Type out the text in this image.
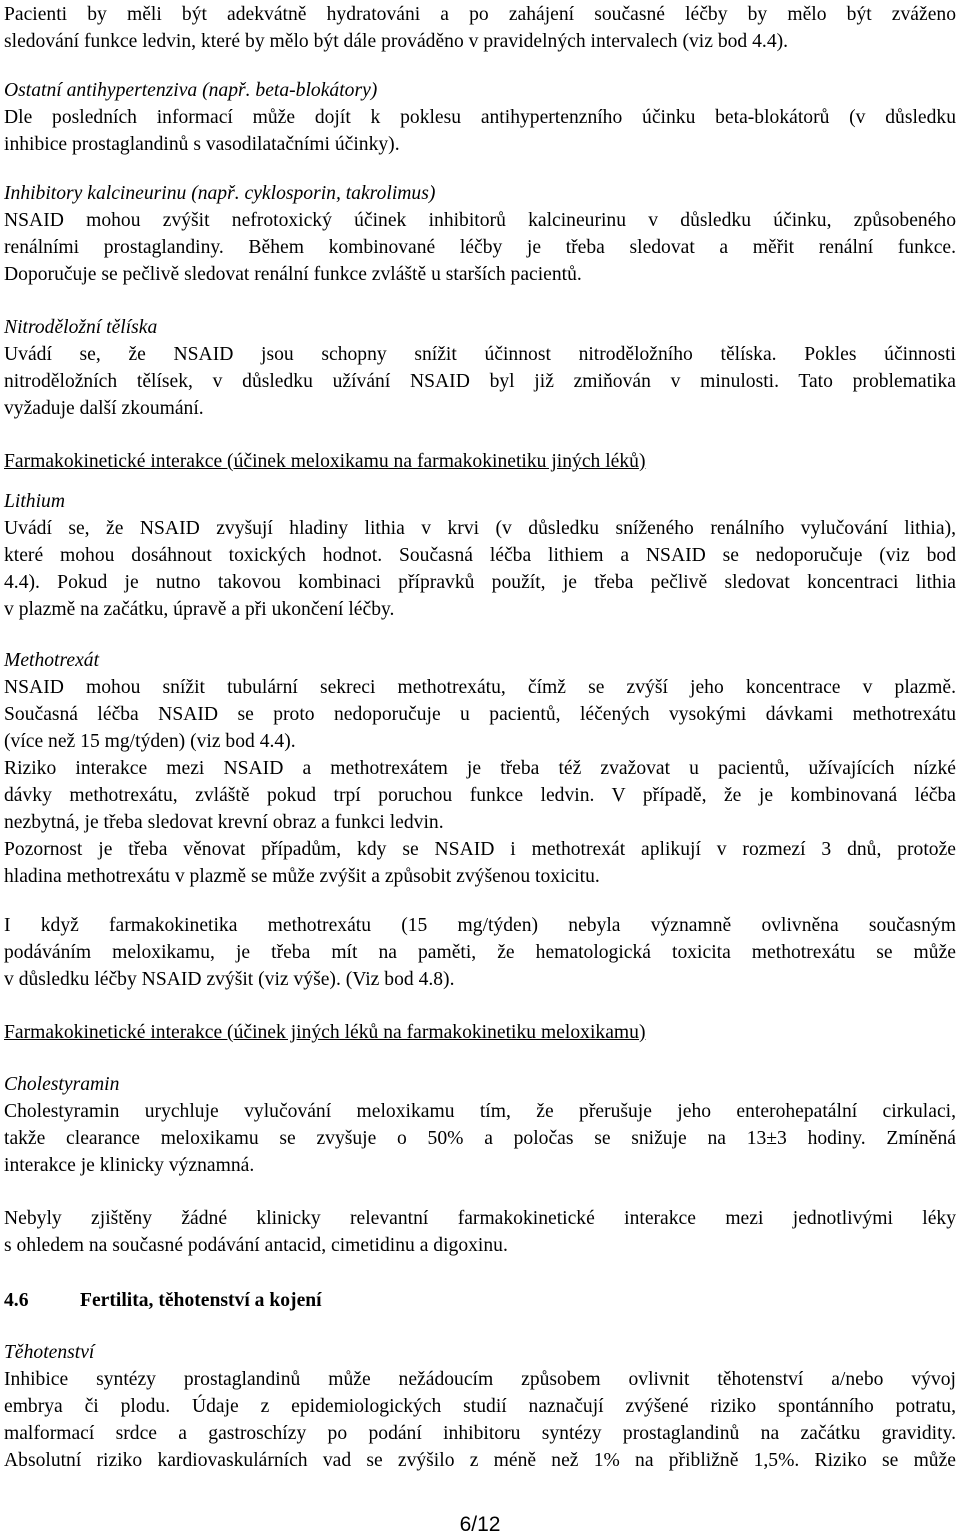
Pacienti by měli být adekvátně hydratováni a po zahájení současné léčby by mělo být zváženo
sledování funkce ledvin, které by mělo být dále prováděno v pravidelných intervalech (viz bod 4.4).

Ostatní antihypertenziva (např. beta-blokátory)

Dle posledních informací může dojít k poklesu antihypertenzního účinku beta-blokátorů (v důsledku
inhibice prostaglandinů s vasodilatačními účinky).

Inhibitory kalcineurinu (např. cyklosporin, takrolimus)

NSAID mohou zvýšit nefrotoxický účinek inhibitorů kalcineurinu v důsledku účinku, způsobeného
renálními prostaglandiny. Během kombinované léčby je třeba sledovat a měřit renální funkce.
Doporučuje se pečlivě sledovat renální funkce zvláště u starších pacientů.

Nitroděložní tělíska

Uvádí se, že NSAID jsou schopny snížit účinnost nitroděložního tělíska. Pokles účinnosti
nitroděložních tělísek, v důsledku užívání NSAID byl již zmiňován v minulosti. Tato problematika
vyžaduje další zkoumání.

Farmakokinetické interakce (účinek meloxikamu na farmakokinetiku jiných léků)
Lithium

Uvádí se, že NSAID zvyšují hladiny lithia v krvi (v důsledku sníženého renálního vylučování lithia),
které mohou dosáhnout toxických hodnot. Současná léčba lithiem a NSAID se nedoporučuje (viz bod
4.4). Pokud je nutno takovou kombinaci přípravků použít, je třeba pečlivě sledovat koncentraci lithia
v plazmě na začátku, úpravě a při ukončení léčby.

Methotrexát

NSAID mohou snížit tubulární sekreci methotrexátu, čímž se zvýší jeho koncentrace v plazmě.
Současná léčba NSAID se proto nedoporučuje u pacientů, léčených vysokými dávkami methotrexátu
(více než 15 mg/týden) (viz bod 4.4).

Riziko interakce mezi NSAID a methotrexátem je třeba též zvažovat u pacientů, užívajících nízké
dávky methotrexátu, zvláště pokud trpí poruchou funkce ledvin. V případě, že je kombinovaná léčba
nezbytná, je třeba sledovat krevní obraz a funkci ledvin.

Pozornost je třeba věnovat případům, kdy se NSAID i methotrexát aplikují v rozmezí 3 dnů, protože
hladina methotrexátu v plazmě se může zvýšit a způsobit zvýšenou toxicitu.

I když farmakokinetika methotrexátu (15 mg/týden) nebyla významně ovlivněna současným
podáváním meloxikamu, je třeba mít na paměti, že hematologická toxicita methotrexátu se může
v důsledku léčby NSAID zvýšit (viz výše). (Viz bod 4.8).

Farmakokinetické interakce (účinek jiných léků na farmakokinetiku meloxikamu)
Cholestyramin

Cholestyramin urychluje vylučování meloxikamu tím, že přerušuje jeho enterohepatální cirkulaci,
takže clearance meloxikamu se zvyšuje o 50% a poločas se snižuje na 13±3 hodiny. Zmíněná
interakce je klinicky významná.

Nebyly zjištěny žádné klinicky relevantní farmakokinetické interakce mezi jednotlivými léky
s ohledem na současné podávání antacid, cimetidinu a digoxinu.

4.6	Fertilita, těhotenství a kojení
Těhotenství

Inhibice syntézy prostaglandinů může nežádoucím způsobem ovlivnit těhotenství a/nebo vývoj
embrya či plodu. Údaje z epidemiologických studií naznačují zvýšené riziko spontánního potratu,
malformací srdce a gastroschízy po podání inhibitoru syntézy prostaglandinů na začátku gravidity.
Absolutní riziko kardiovaskulárních vad se zvýšilo z méně než 1% na přibližně 1,5%. Riziko se může

6/12
